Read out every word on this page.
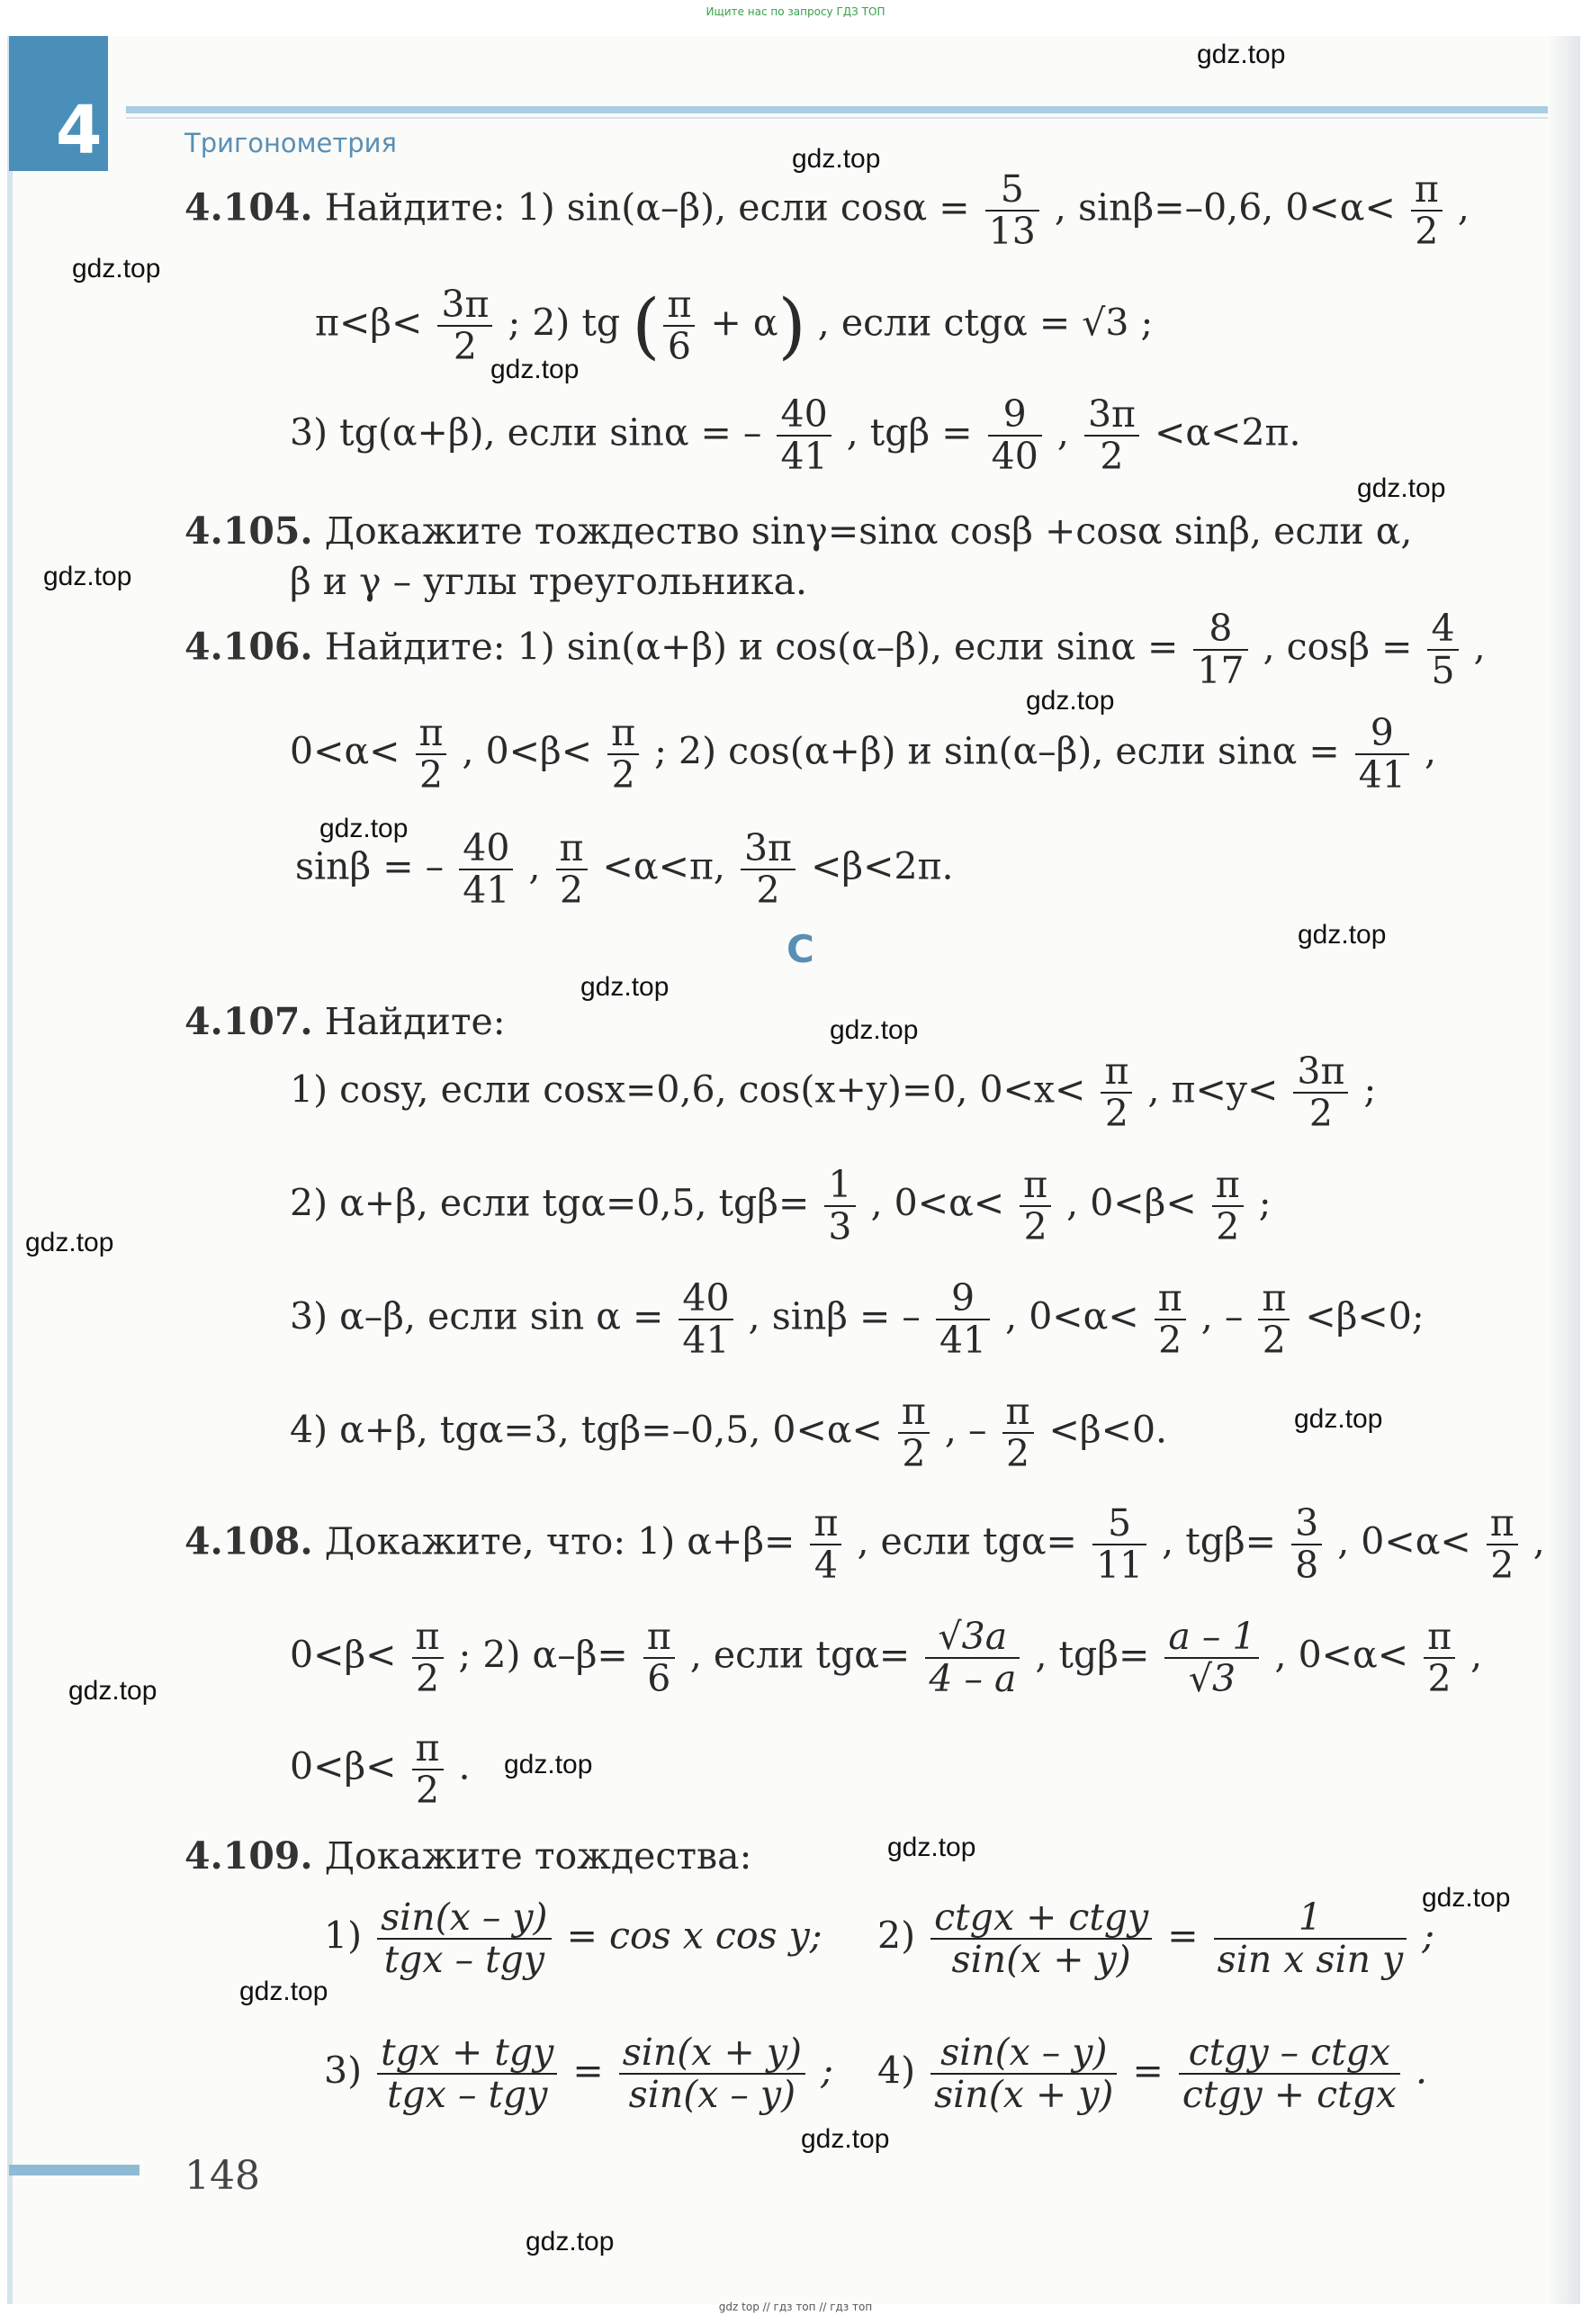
Ищите нас по запросу ГДЗ ТОП
4	Тригонометрия
gdz.top
gdz.top
gdz.top
gdz.top
gdz.top
gdz.top
gdz.top
gdz.top
gdz.top
gdz.top
gdz.top
gdz.top
gdz.top
gdz.top
gdz.top
gdz.top
gdz.top
gdz.top
gdz.top
gdz.top
4.104. Найдите: 1) sin(α–β), если $\cos\alpha = \frac{5}{13}$ , sinβ=–0,6, $0<\alpha< \frac{\pi}{2}$ ,
$\pi<\beta< \frac{3\pi}{2}$ ; 2) tg ( $\frac{\pi}{6} + \alpha$) , если ctgα = √3 ;
3) tg(α+β), если sinα = – $\frac{40}{41}$ , $tg\beta = \frac{9}{40}$ , $\frac{3\pi}{2} <\alpha<2\pi$.
4.105. Докажите тождество sinγ=sinα cosβ +cosα sinβ, если α,
β и γ – углы треугольника.
4.106. Найдите: 1) sin(α+β) и cos(α–β), если $\sin\alpha = \frac{8}{17}$ , $\cos\beta = \frac{4}{5}$ ,
$0<\alpha< \frac{\pi}{2}$ , $0<\beta< \frac{\pi}{2}$ ; 2) cos(α+β) и sin(α–β), если $\sin\alpha = \frac{9}{41}$ ,
sinβ = – $\frac{40}{41}$ , $\frac{\pi}{2} <\alpha<\pi$, $\frac{3\pi}{2} <\beta<2\pi$.
C
4.107. Найдите:
1) cosy, если cosx=0,6, cos(x+y)=0, $0<x< \frac{\pi}{2}$ , $\pi<y< \frac{3\pi}{2}$ ;
2) α+β, если tgα=0,5, $tg\beta= \frac{1}{3}$ , $0<\alpha< \frac{\pi}{2}$ , $0<\beta< \frac{\pi}{2}$ ;
3) α–β, если $\sin \alpha = \frac{40}{41}$ , sinβ = – $\frac{9}{41}$ , $0<\alpha< \frac{\pi}{2}$ , – $\frac{\pi}{2} <\beta<0$;
4) α+β, tgα=3, tgβ=–0,5, $0<\alpha< \frac{\pi}{2}$ , – $\frac{\pi}{2} <\beta<0$.
4.108. Докажите, что: 1) $\alpha+\beta= \frac{\pi}{4}$ , если $tg\alpha= \frac{5}{11}$ , $tg\beta= \frac{3}{8}$ , $0<\alpha< \frac{\pi}{2}$ ,
$0<\beta< \frac{\pi}{2}$ ; 2) $\alpha-\beta= \frac{\pi}{6}$ , если $tg\alpha= \frac{√3a}{4 - a}$ , $tg\beta= \frac{a - 1}{√3}$ , $0<\alpha< \frac{\pi}{2}$ ,
$0<\beta< \frac{\pi}{2}$ .
4.109. Докажите тождества:
$1) \frac{\sin(x - y)}{\text{tgx – tgy}} = \cos x$ cos y; $2) \frac{\text{ctgx + ctgy}}{\sin(x + y)} = \frac{1}{\text{sin x sin y}}$ ;
$3) \frac{\text{tgx + tgy}}{\text{tgx – tgy}} = \frac{\sin(x + y)}{\sin(x - y)}$ ; $4) \frac{\sin(x - y)}{\sin(x + y)} = \frac{\text{ctgy – ctgx}}{\text{ctgy + ctgx}}$ .
148
gdz top // гдз топ // гдз топ
